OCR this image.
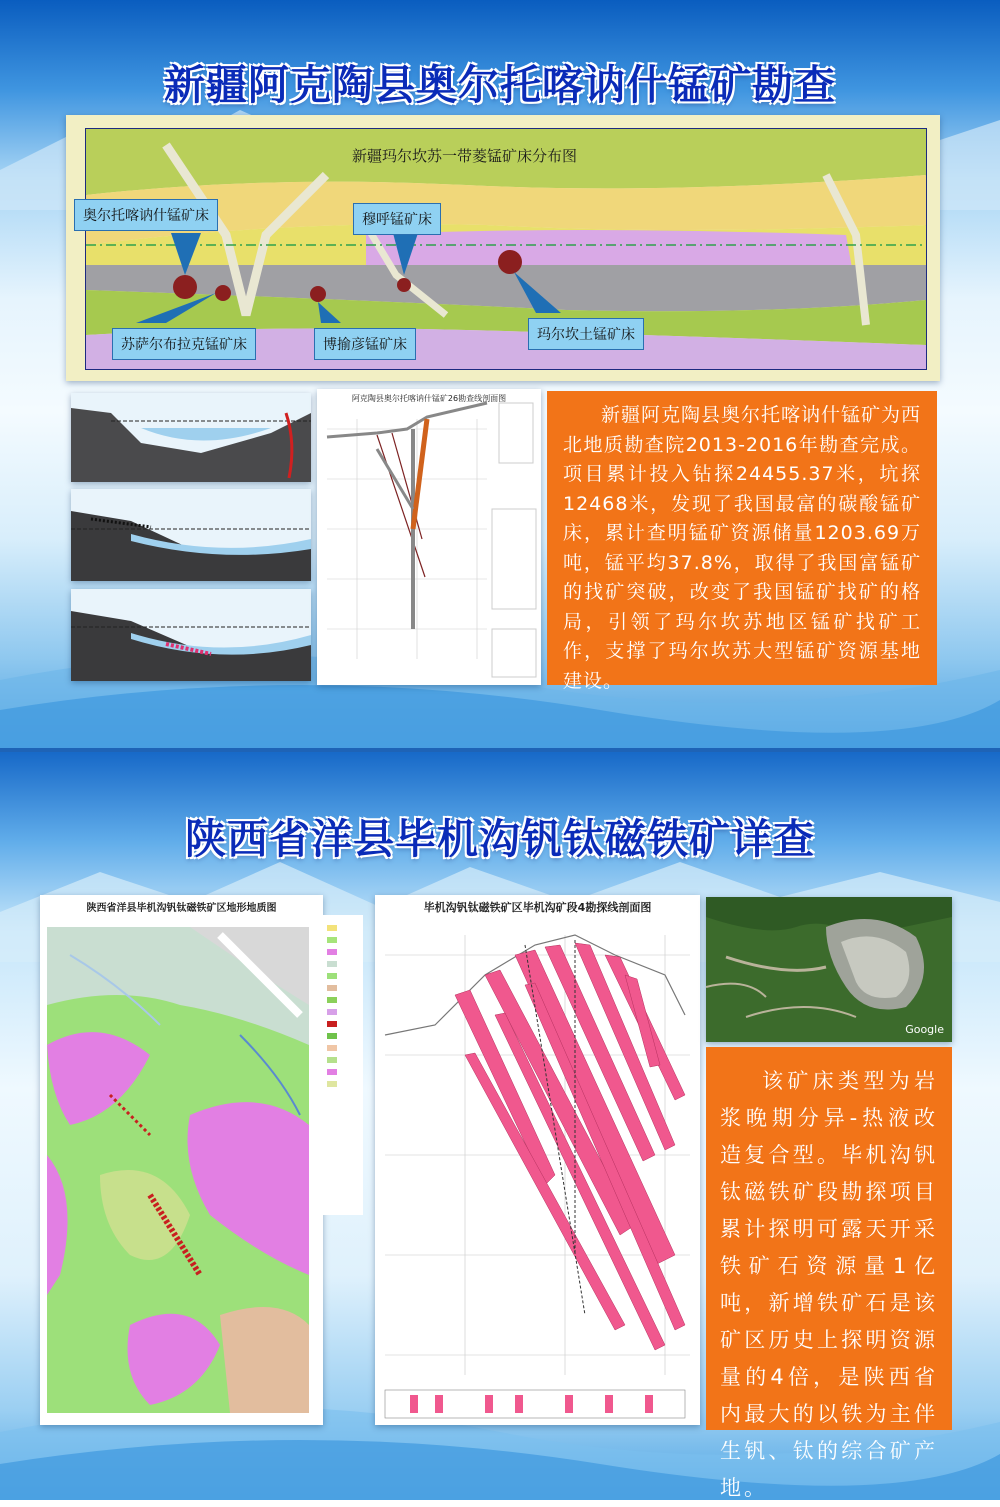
新疆阿克陶县奥尔托喀讷什锰矿勘查
新疆玛尔坎苏一带菱锰矿床分布图
奥尔托喀讷什锰矿床	穆呼锰矿床
苏萨尔布拉克锰矿床	博揄彦锰矿床
玛尔坎土锰矿床
阿克陶县奥尔托喀讷什锰矿26勘查线剖面图

新疆阿克陶县奥尔托喀讷什锰矿为西北地质勘查院2013-2016年勘查完成。项目累计投入钻探24455.37米，坑探12468米，发现了我国最富的碳酸锰矿床，累计查明锰矿资源储量1203.69万吨，锰平均37.8%，取得了我国富锰矿的找矿突破，改变了我国锰矿找矿的格局，引领了玛尔坎苏地区锰矿找矿工作，支撑了玛尔坎苏大型锰矿资源基地建设。

陕西省洋县毕机沟钒钛磁铁矿详查
陕西省洋县毕机沟钒钛磁铁矿区地形地质图	毕机沟钒钛磁铁矿区毕机沟矿段4勘探线剖面图
Google

该矿床类型为岩浆晚期分异-热液改造复合型。毕机沟钒钛磁铁矿段勘探项目累计探明可露天开采铁矿石资源量1亿吨，新增铁矿石是该矿区历史上探明资源量的4倍，是陕西省内最大的以铁为主伴生钒、钛的综合矿产地。
